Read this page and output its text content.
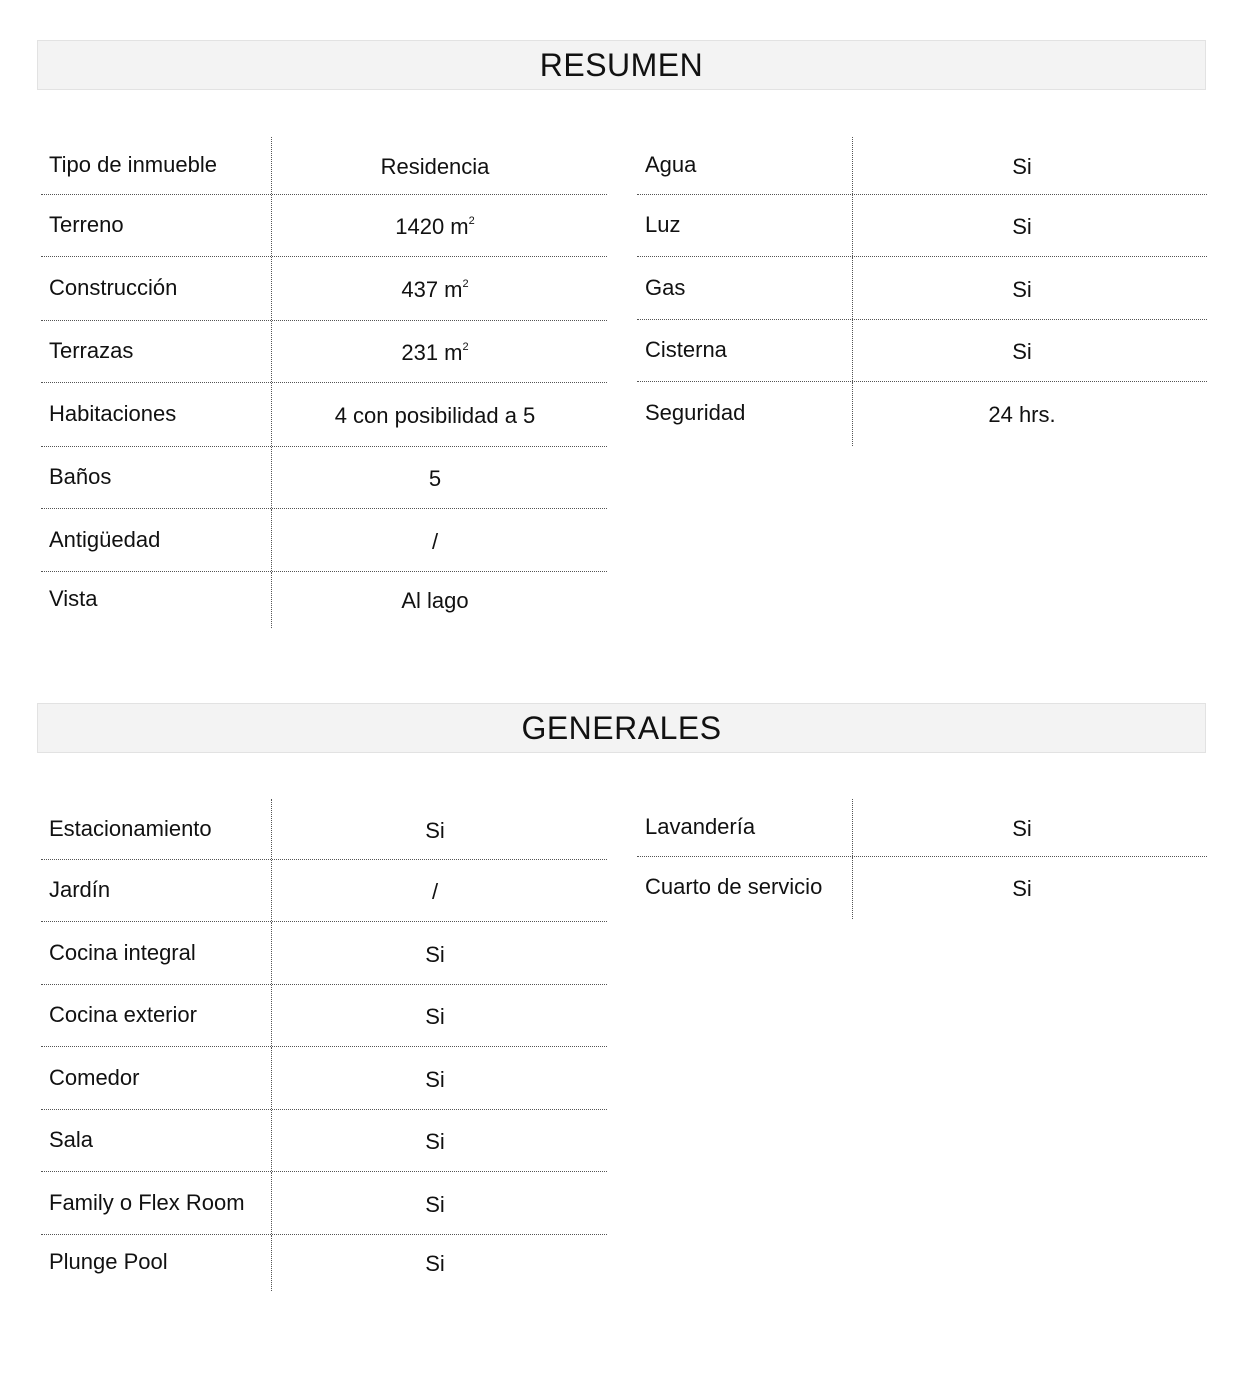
RESUMEN
Tipo de inmueble	Residencia
Terreno	1420 $m^2$
Construcción	437 $m^2$
Terrazas	231 $m^2$
Habitaciones	4 con posibilidad a 5
Baños	5
Antigüedad	/
Vista	Al lago
Agua	Si
Luz	Si
Gas	Si
Cisterna	Si
Seguridad	24 hrs.
GENERALES
Estacionamiento	Si
Jardín	/
Cocina integral	Si
Cocina exterior	Si
Comedor	Si
Sala	Si
Family o Flex Room	Si
Plunge Pool	Si
Lavandería	Si
Cuarto de servicio	Si
